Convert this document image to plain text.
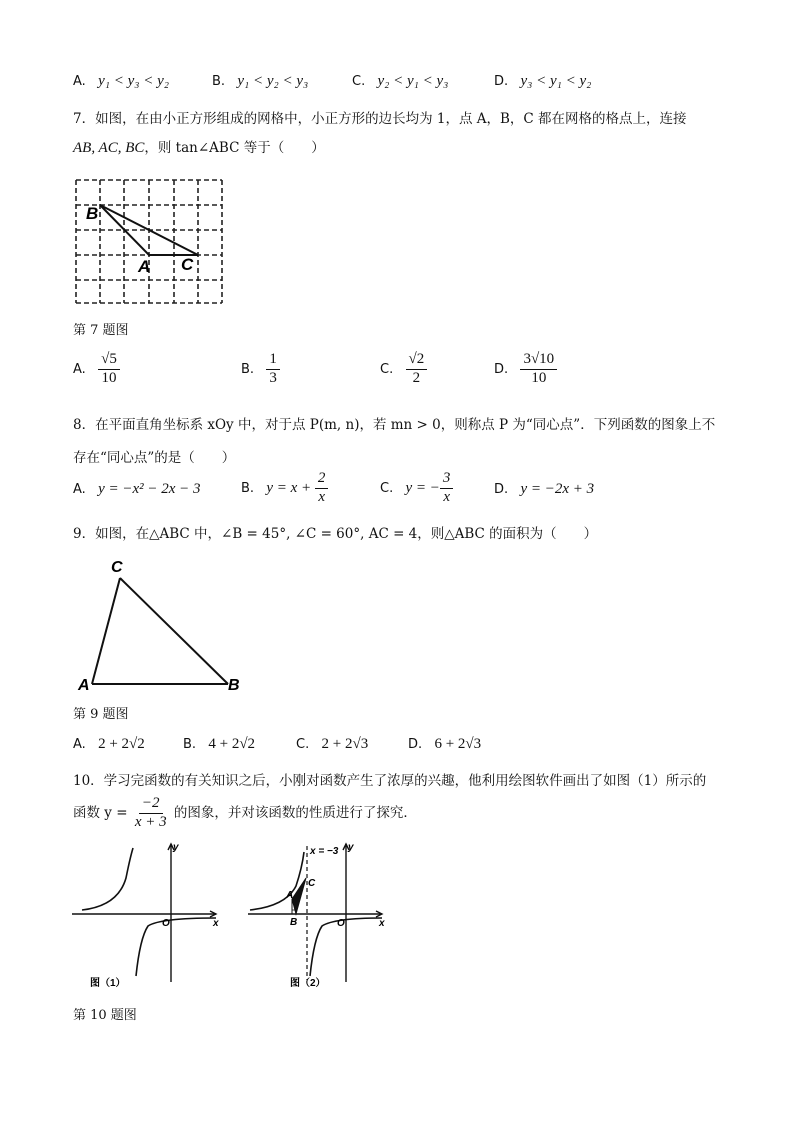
A. y₁ < y₃ < y₂	B. y₁ < y₂ < y₃	C. y₂ < y₁ < y₃	D. y₃ < y₁ < y₂
7．如图，在由小正方形组成的网格中，小正方形的边长均为 1，点 A，B，C 都在网格的格点上，连接
AB, AC, BC，则 tan∠ABC 等于（　　）
B
A C
第 7 题图
A. $\frac{√5}{10}$	B. $\frac{1}{3}$	C. $\frac{√2}{2}$	D. $\frac{3√10}{10}$
8．在平面直角坐标系 xOy 中，对于点 P(m, n)，若 mn > 0，则称点 P 为“同心点”．下列函数的图象上不
存在“同心点”的是（　　）
A. y = −x² − 2x − 3	B. $y = x + \frac{2}{x}$	C. y = − $\frac{3}{x}$	D. y = −2x + 3
9．如图，在△ABC 中，∠B = 45°, ∠C = 60°, AC = 4，则△ABC 的面积为（　　）
C
A	B
第 9 题图
A. 2 + 2√2	B. 4 + 2√2	C. 2 + 2√3	D. 6 + 2√3
10．学习完函数的有关知识之后，小刚对函数产生了浓厚的兴趣，他利用绘图软件画出了如图（1）所示的
函数 $y = \frac{-2}{x + 3}$ 的图象，并对该函数的性质进行了探究．
x
y
O
图（1）
A
B
C
x = −3
x
y
O
图（2）
第 10 题图
